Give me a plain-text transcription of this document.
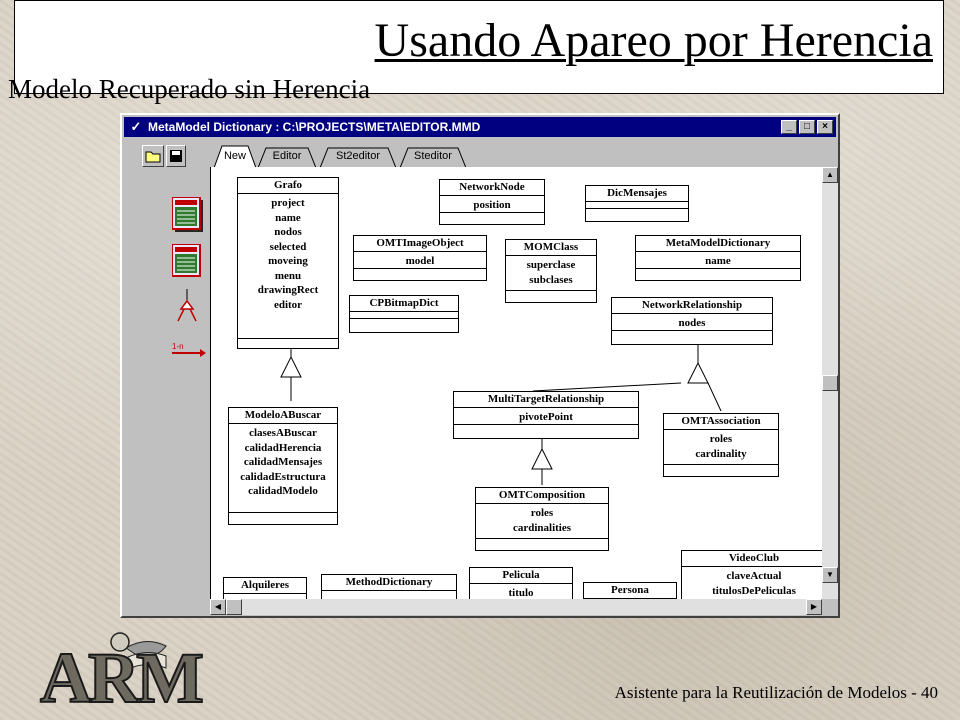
Usando Apareo por Herencia
Modelo Recuperado sin Herencia
✓ MetaModel Dictionary : C:\PROJECTS\META\EDITOR.MMD	_	□	×
1-n
New	Editor	St2editor	Steditor
Grafo
project
name
nodos
selected
moveing
menu
drawingRect
editor
NetworkNode
position
DicMensajes
OMTImageObject
model
MOMClass
superclase
subclases
MetaModelDictionary
name
CPBitmapDict	NetworkRelationship
nodes
ModeloABuscar
clasesABuscar
calidadHerencia
calidadMensajes
calidadEstructura
calidadModelo
MultiTargetRelationship
pivotePoint	OMTAssociation
roles
cardinality
OMTComposition
roles
cardinalities
VideoClub
claveActual
titulosDePeliculas
Alquileres	MethodDictionary
Pelicula
titulo	Persona
▲
▼
◀	▶
ARM	Asistente para la Reutilización de Modelos - 40
